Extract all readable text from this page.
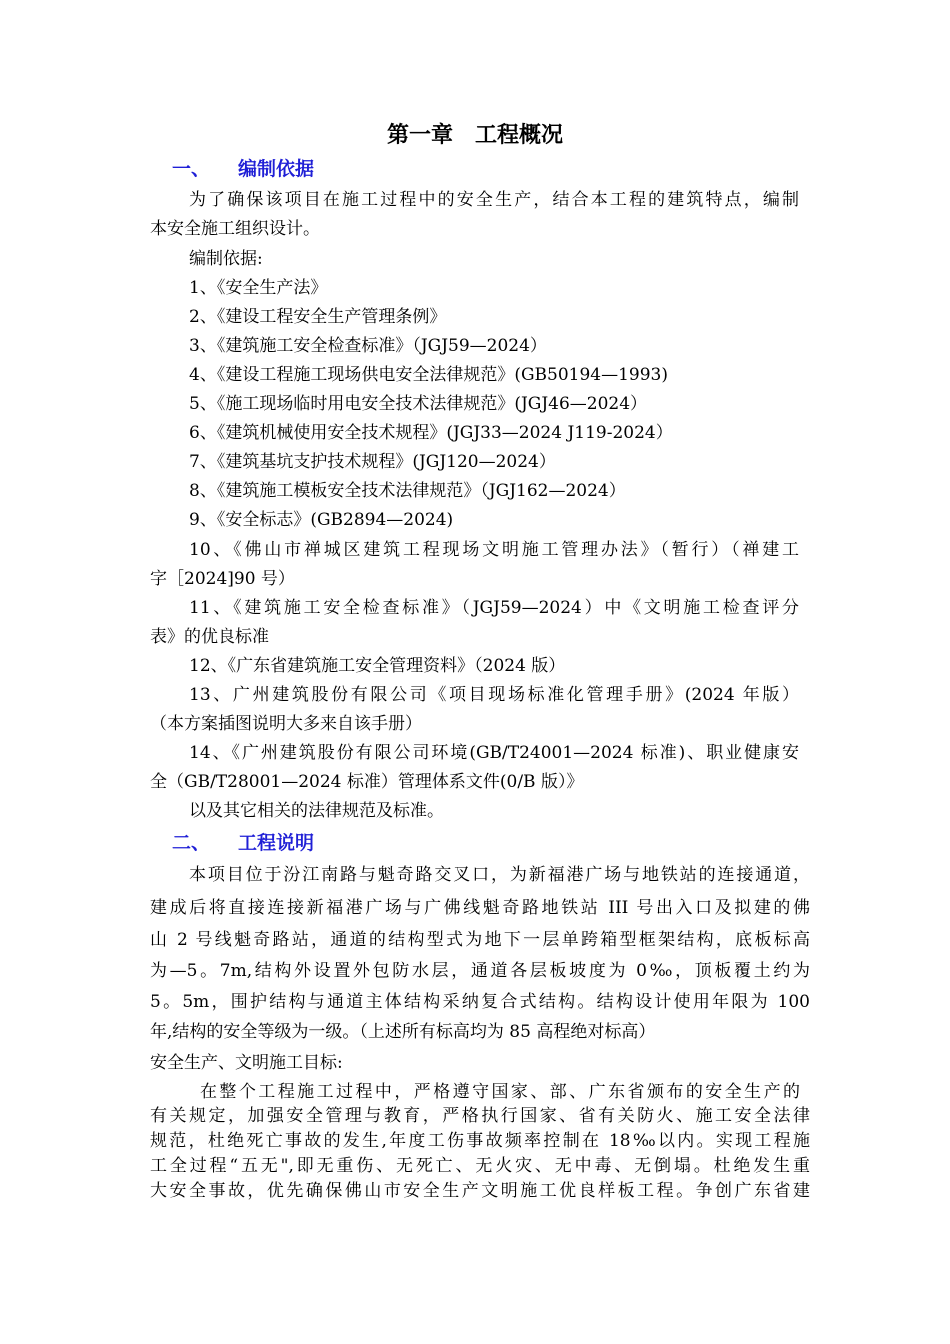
第一章　工程概况
一、 编制依据
为了确保该项目在施工过程中的安全生产，结合本工程的建筑特点，编制
本安全施工组织设计。
编制依据:
1、《安全生产法》
2、《建设工程安全生产管理条例》
3、《建筑施工安全检查标准》（JGJ59—2024）
4、《建设工程施工现场供电安全法律规范》(GB50194—1993)
5、《施工现场临时用电安全技术法律规范》(JGJ46—2024）
6、《建筑机械使用安全技术规程》(JGJ33—2024 J119-2024）
7、《建筑基坑支护技术规程》(JGJ120—2024）
8、《建筑施工模板安全技术法律规范》（JGJ162—2024）
9、《安全标志》(GB2894—2024)
10、《佛山市禅城区建筑工程现场文明施工管理办法》（暂行）（禅建工
字［2024]90 号）
11、《建筑施工安全检查标准》（JGJ59—2024）中《文明施工检查评分
表》的优良标准
12、《广东省建筑施工安全管理资料》（2024 版）
13、广州建筑股份有限公司《项目现场标准化管理手册》(2024 年版）
（本方案插图说明大多来自该手册）
14、《广州建筑股份有限公司环境(GB/T24001—2024 标准)、职业健康安
全（GB/T28001—2024 标准）管理体系文件(0/B 版）》
以及其它相关的法律规范及标准。
二、 工程说明
本项目位于汾江南路与魁奇路交叉口，为新福港广场与地铁站的连接通道，
建成后将直接连接新福港广场与广佛线魁奇路地铁站 III 号出入口及拟建的佛
山 2 号线魁奇路站，通道的结构型式为地下一层单跨箱型框架结构，底板标高
为—5。7m,结构外设置外包防水层，通道各层板坡度为 0‰，顶板覆土约为
5。5m，围护结构与通道主体结构采纳复合式结构。结构设计使用年限为 100
年,结构的安全等级为一级。（上述所有标高均为 85 高程绝对标高）
安全生产、文明施工目标:
在整个工程施工过程中，严格遵守国家、部、广东省颁布的安全生产的
有关规定，加强安全管理与教育，严格执行国家、省有关防火、施工安全法律
规范，杜绝死亡事故的发生,年度工伤事故频率控制在 18‰以内。实现工程施
工全过程“五无",即无重伤、无死亡、无火灾、无中毒、无倒塌。杜绝发生重
大安全事故，优先确保佛山市安全生产文明施工优良样板工程。争创广东省建
